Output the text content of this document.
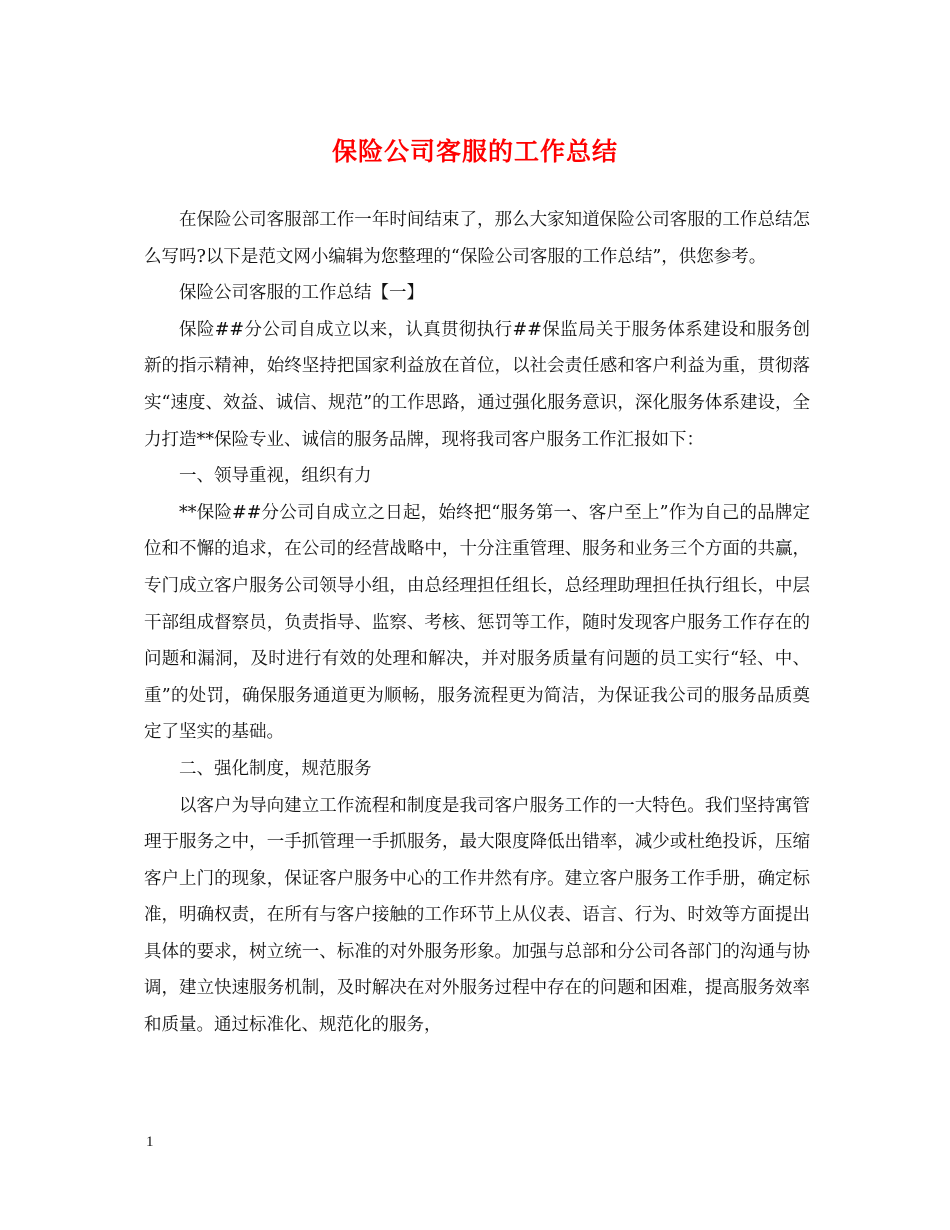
保险公司客服的工作总结

在保险公司客服部工作一年时间结束了，那么大家知道保险公司客服的工作总结怎么写吗?以下是范文网小编辑为您整理的“保险公司客服的工作总结”，供您参考。

保险公司客服的工作总结【一】

保险##分公司自成立以来，认真贯彻执行##保监局关于服务体系建设和服务创新的指示精神，始终坚持把国家利益放在首位，以社会责任感和客户利益为重，贯彻落实“速度、效益、诚信、规范”的工作思路，通过强化服务意识，深化服务体系建设，全力打造**保险专业、诚信的服务品牌，现将我司客户服务工作汇报如下：

一、领导重视，组织有力

**保险##分公司自成立之日起，始终把“服务第一、客户至上”作为自己的品牌定位和不懈的追求，在公司的经营战略中，十分注重管理、服务和业务三个方面的共赢，专门成立客户服务公司领导小组，由总经理担任组长，总经理助理担任执行组长，中层干部组成督察员，负责指导、监察、考核、惩罚等工作，随时发现客户服务工作存在的问题和漏洞，及时进行有效的处理和解决，并对服务质量有问题的员工实行“轻、中、重”的处罚，确保服务通道更为顺畅，服务流程更为简洁，为保证我公司的服务品质奠定了坚实的基础。

二、强化制度，规范服务

以客户为导向建立工作流程和制度是我司客户服务工作的一大特色。我们坚持寓管理于服务之中，一手抓管理一手抓服务，最大限度降低出错率，减少或杜绝投诉，压缩客户上门的现象，保证客户服务中心的工作井然有序。建立客户服务工作手册，确定标准，明确权责，在所有与客户接触的工作环节上从仪表、语言、行为、时效等方面提出具体的要求，树立统一、标准的对外服务形象。加强与总部和分公司各部门的沟通与协调，建立快速服务机制，及时解决在对外服务过程中存在的问题和困难，提高服务效率和质量。通过标准化、规范化的服务，

1
